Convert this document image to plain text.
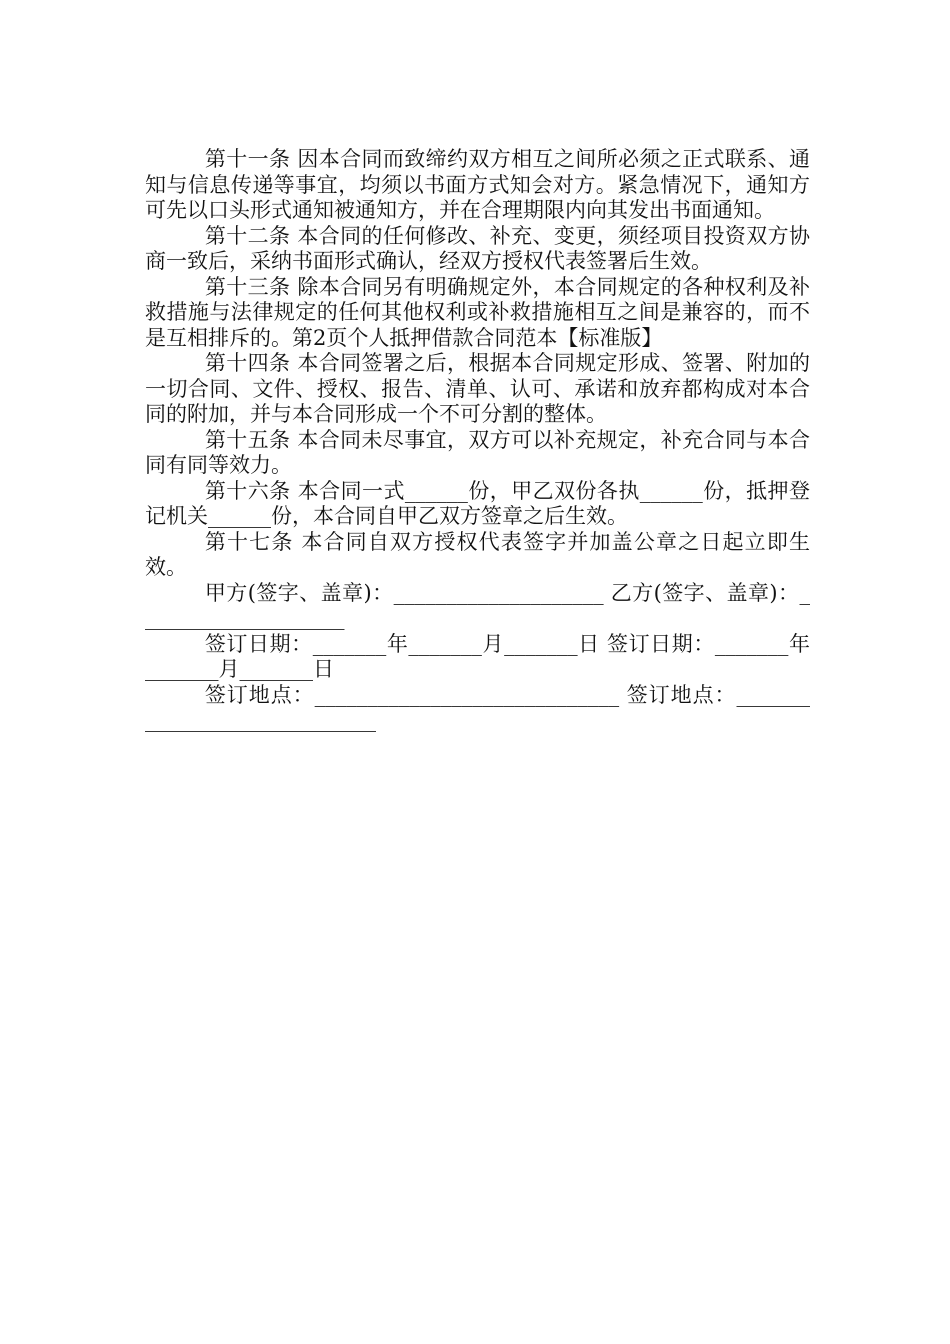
第十一条 因本合同而致缔约双方相互之间所必须之正式联系、通知与信息传递等事宜，均须以书面方式知会对方。紧急情况下，通知方可先以口头形式通知被通知方，并在合理期限内向其发出书面通知。

第十二条 本合同的任何修改、补充、变更，须经项目投资双方协商一致后，采纳书面形式确认，经双方授权代表签署后生效。

第十三条 除本合同另有明确规定外，本合同规定的各种权利及补救措施与法律规定的任何其他权利或补救措施相互之间是兼容的，而不是互相排斥的。第2页个人抵押借款合同范本【标准版】

第十四条 本合同签署之后，根据本合同规定形成、签署、附加的一切合同、文件、授权、报告、清单、认可、承诺和放弃都构成对本合同的附加，并与本合同形成一个不可分割的整体。

第十五条 本合同未尽事宜，双方可以补充规定，补充合同与本合同有同等效力。

第十六条 本合同一式______份，甲乙双份各执______份，抵押登记机关______份，本合同自甲乙双方签章之后生效。

第十七条 本合同自双方授权代表签字并加盖公章之日起立即生效。

甲方(签字、盖章)：____________________ 乙方(签字、盖章)：____________________

签订日期：_______年_______月_______日 签订日期：_______年_______月_______日

签订地点：_____________________________ 签订地点：_____________________________
